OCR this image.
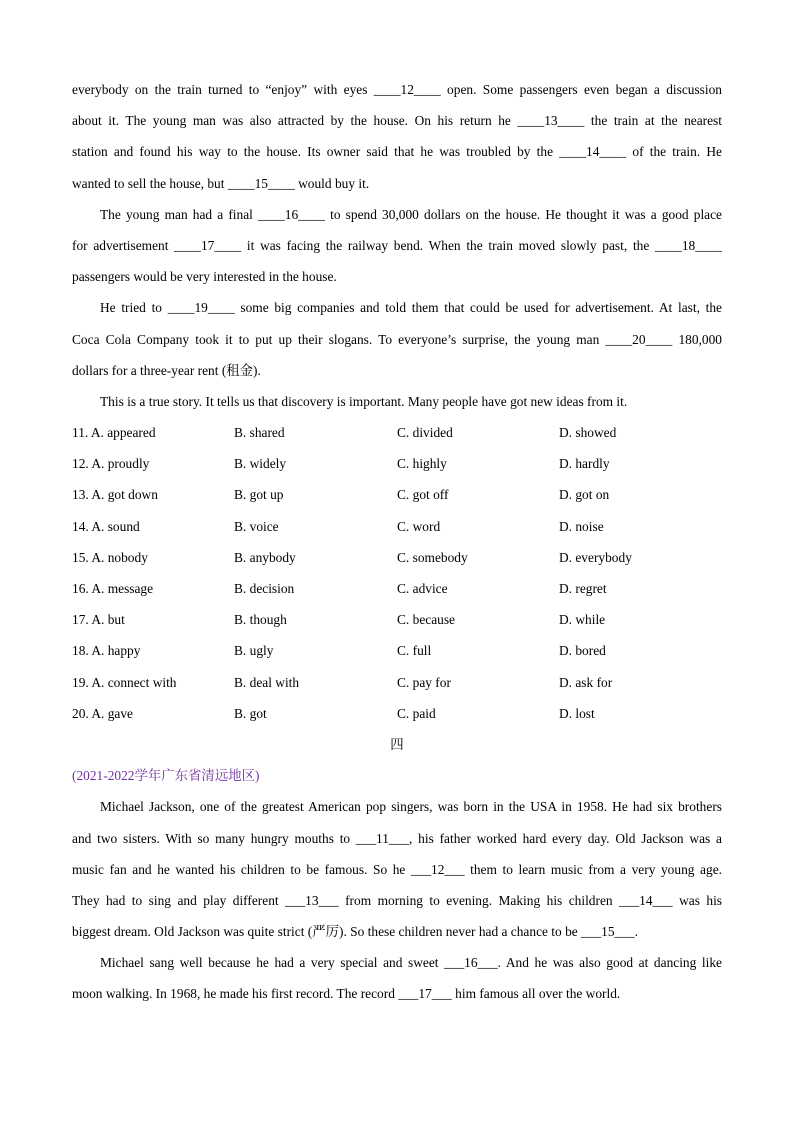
everybody on the train turned to “enjoy” with eyes ____12____ open. Some passengers even began a discussion
about it. The young man was also attracted by the house. On his return he ____13____ the train at the nearest
station and found his way to the house. Its owner said that he was troubled by the ____14____ of the train. He
wanted to sell the house, but ____15____ would buy it.
The young man had a final ____16____ to spend 30,000 dollars on the house. He thought it was a good place
for advertisement ____17____ it was facing the railway bend. When the train moved slowly past, the ____18____
passengers would be very interested in the house.
He tried to ____19____ some big companies and told them that could be used for advertisement. At last, the
Coca Cola Company took it to put up their slogans. To everyone’s surprise, the young man ____20____ 180,000
dollars for a three-year rent (租金).
This is a true story. It tells us that discovery is important. Many people have got new ideas from it.
11. A. appeared	B. shared	C. divided	D. showed
12. A. proudly	B. widely	C. highly	D. hardly
13. A. got down	B. got up	C. got off	D. got on
14. A. sound	B. voice	C. word	D. noise
15. A. nobody	B. anybody	C. somebody	D. everybody
16. A. message	B. decision	C. advice	D. regret
17. A. but	B. though	C. because	D. while
18. A. happy	B. ugly	C. full	D. bored
19. A. connect with	B. deal with	C. pay for	D. ask for
20. A. gave	B. got	C. paid	D. lost
四
(2021-2022学年广东省清远地区)
Michael Jackson, one of the greatest American pop singers, was born in the USA in 1958. He had six brothers
and two sisters. With so many hungry mouths to ___11___, his father worked hard every day. Old Jackson was a
music fan and he wanted his children to be famous. So he ___12___ them to learn music from a very young age.
They had to sing and play different ___13___ from morning to evening. Making his children ___14___ was his
biggest dream. Old Jackson was quite strict (严厉). So these children never had a chance to be ___15___.
Michael sang well because he had a very special and sweet ___16___. And he was also good at dancing like
moon walking. In 1968, he made his first record. The record ___17___ him famous all over the world.
